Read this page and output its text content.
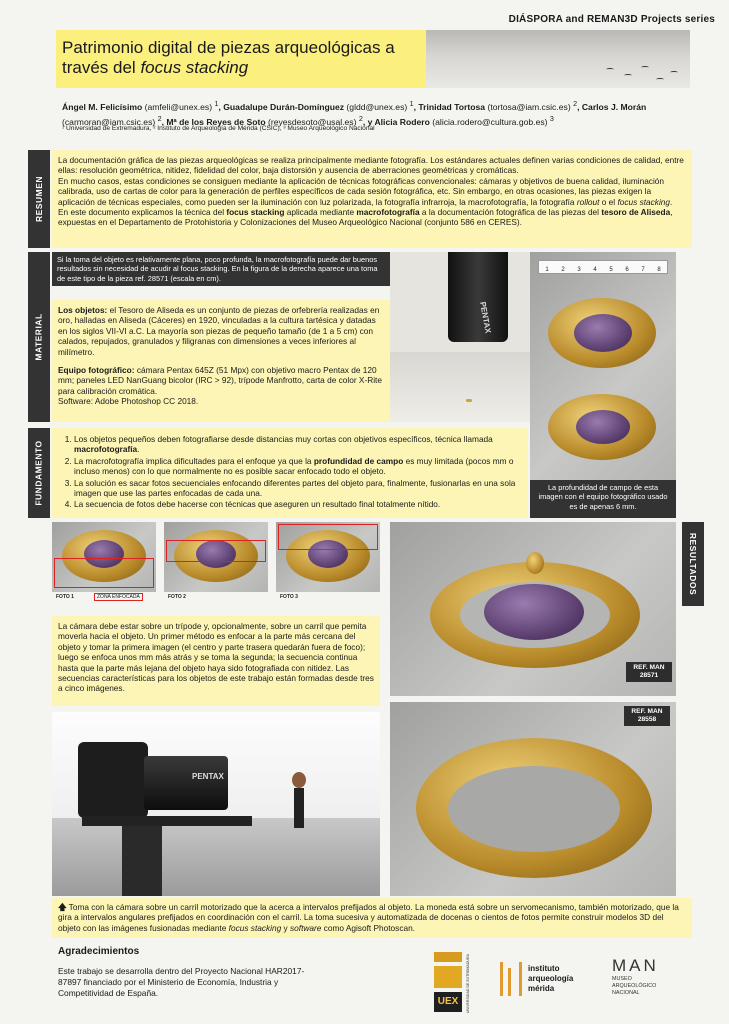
DIÁSPORA and REMAN3D Projects series
Patrimonio digital de piezas arqueológicas a
través del focus stacking
Ángel M. Felicísimo (amfeli@unex.es) $^1$, Guadalupe Durán-Domínguez (gldd@unex.es) $^1$, Trinidad Tortosa (tortosa@iam.csic.es) $^2$, Carlos J. Morán (carmoran@iam.csic.es) $^2$, Mª de los Reyes de Soto (reyesdesoto@usal.es) $^2$, y Alicia Rodero (alicia.rodero@cultura.gob.es) $^3$
¹ Universidad de Extremadura, ² Instituto de Arqueología de Mérida (CSIC), ³ Museo Arqueológico Nacional
RESUMEN
La documentación gráfica de las piezas arqueológicas se realiza principalmente mediante fotografía. Los estándares actuales definen varias condiciones de calidad, entre ellas: resolución geométrica, nitidez, fidelidad del color, baja distorsión y ausencia de aberraciones geométricas y cromáticas.
En mucho casos, estas condiciones se consiguen mediante la aplicación de técnicas fotográficas convencionales: cámaras y objetivos de buena calidad, iluminación calibrada, uso de cartas de color para la generación de perfiles específicos de cada sesión fotográfica, etc. Sin embargo, en otras ocasiones, las piezas exigen la aplicación de técnicas especiales, como pueden ser la iluminación con luz polarizada, la fotografía infrarroja, la macrofotografía, la fotografía rollout o el focus stacking.
En este documento explicamos la técnica del focus stacking aplicada mediante macrofotografía a la documentación fotográfica de las piezas del tesoro de Aliseda, expuestas en el Departamento de Protohistoria y Colonizaciones del Museo Arqueológico Nacional (conjunto 586 en CERES).
MATERIAL
Si la toma del objeto es relativamente plana, poco profunda, la macrofotografía puede dar buenos resultados sin necesidad de acudir al focus stacking. En la figura de la derecha aparece una toma de este tipo de la pieza ref. 28571 (escala en cm).
PENTAX
Los objetos: el Tesoro de Aliseda es un conjunto de piezas de orfebrería realizadas en oro, halladas en Aliseda (Cáceres) en 1920, vinculadas a la cultura tartésica y datadas en los siglos VII-VI a.C. La mayoría son piezas de pequeño tamaño (de 1 a 5 cm) con calados, repujados, granulados y filigranas con dimensiones a veces inferiores al milímetro.
Equipo fotográfico: cámara Pentax 645Z (51 Mpx) con objetivo macro Pentax de 120 mm; paneles LED NanGuang bicolor (IRC > 92), trípode Manfrotto, carta de color X-Rite para calibración cromática.
Software: Adobe Photoshop CC 2018.
1 2 3 4 5 6 7 8
FUNDAMENTO
1. Los objetos pequeños deben fotografiarse desde distancias muy cortas con objetivos específicos, técnica llamada macrofotografía.
2. La macrofotografía implica dificultades para el enfoque ya que la profundidad de campo es muy limitada (pocos mm o incluso menos) con lo que normalmente no es posible sacar enfocado todo el objeto.
3. La solución es sacar fotos secuenciales enfocando diferentes partes del objeto para, finalmente, fusionarlas en una sola imagen que use las partes enfocadas de cada una.
4. La secuencia de fotos debe hacerse con técnicas que aseguren un resultado final totalmente nítido.
La profundidad de campo de esta imagen con el equipo fotográfico usado es de apenas 6 mm.
RESULTADOS
FOTO 1	ZONA ENFOCADA	FOTO 2	FOTO 3
La cámara debe estar sobre un trípode y, opcionalmente, sobre un carril que pemita moverla hacia el objeto. Un primer método es enfocar a la parte más cercana del objeto y tomar la primera imagen (el centro y parte trasera quedarán fuera de foco); luego se enfoca unos mm más atrás y se toma la segunda; la secuencia continua hasta que la parte más lejana del objeto haya sido fotografiada con nitidez. Las secuencias características para los objetos de este trabajo están formadas desde tres a cinco imágenes.
REF. MAN 28571
PENTAX
REF. MAN 28558
🡅 Toma con la cámara sobre un carril motorizado que la acerca a intervalos prefijados al objeto. La moneda está sobre un servomecanismo, también motorizado, que la gira a intervalos angulares prefijados en coordinación con el carril. La toma sucesiva y automatizada de docenas o cientos de fotos permite construir modelos 3D del objeto con las imágenes fusionadas mediante focus stacking y software como Agisoft Photoscan.
Agradecimientos
Este trabajo se desarrolla dentro del Proyecto Nacional HAR2017-87897 financiado por el Ministerio de Economía, Industria y Competitividad de España.
UEX	UNIVERSIDAD DE EXTREMADURA	instituto
arqueología
mérida
MAN
MUSEO
ARQUEOLÓGICO
NACIONAL
